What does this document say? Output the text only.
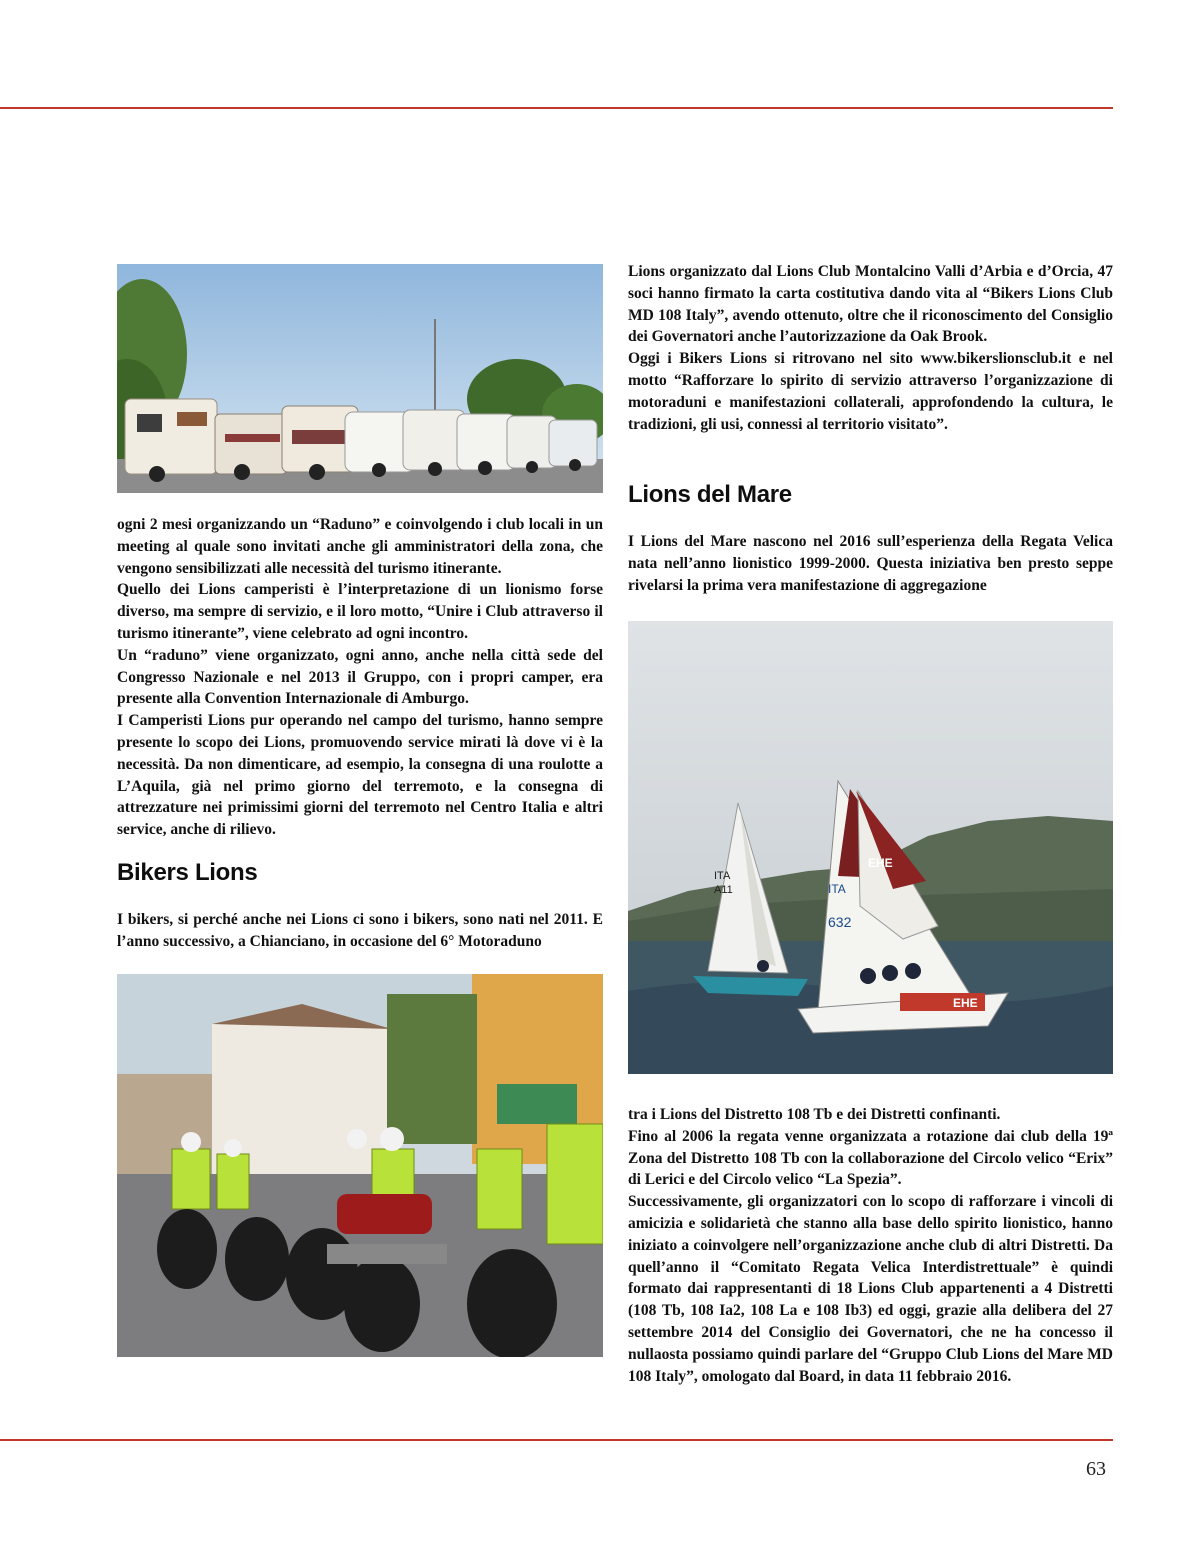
ogni 2 mesi organizzando un “Raduno” e coinvolgendo i club locali in un meeting al quale sono invitati anche gli amministratori della zona, che vengono sensibilizzati alle necessità del turismo itinerante.

Quello dei Lions camperisti è l’interpretazione di un lionismo forse diverso, ma sempre di servizio, e il loro motto, “Unire i Club attraverso il turismo itinerante”, viene celebrato ad ogni incontro.

Un “raduno” viene organizzato, ogni anno, anche nella città sede del Congresso Nazionale e nel 2013 il Gruppo, con i propri camper, era presente alla Convention Internazionale di Amburgo.

I Camperisti Lions pur operando nel campo del turismo, hanno sempre presente lo scopo dei Lions, promuovendo service mirati là dove vi è la necessità. Da non dimenticare, ad esempio, la consegna di una roulotte a L’Aquila, già nel primo giorno del terremoto, e la consegna di attrezzature nei primissimi giorni del terremoto nel Centro Italia e altri service, anche di rilievo.

Bikers Lions

I bikers, si perché anche nei Lions ci sono i bikers, sono nati nel 2011. E l’anno successivo, a Chianciano, in occasione del 6° Motoraduno

Lions organizzato dal Lions Club Montalcino Valli d’Arbia e d’Orcia, 47 soci hanno firmato la carta costitutiva dando vita al “Bikers Lions Club MD 108 Italy”, avendo ottenuto, oltre che il riconoscimento del Consiglio dei Governatori anche l’autorizzazione da Oak Brook.

Oggi i Bikers Lions si ritrovano nel sito www.bikerslionsclub.it e nel motto “Rafforzare lo spirito di servizio attraverso l’organizzazione di motoraduni e manifestazioni collaterali, approfondendo la cultura, le tradizioni, gli usi, connessi al territorio visitato”.

Lions del Mare

I Lions del Mare nascono nel 2016 sull’esperienza della Regata Velica nata nell’anno lionistico 1999-2000. Questa iniziativa ben presto seppe rivelarsi la prima vera manifestazione di aggregazione

EHE
ITA
A11	ITA
632
EHE

tra i Lions del Distretto 108 Tb e dei Distretti confinanti.

Fino al 2006 la regata venne organizzata a rotazione dai club della 19ª Zona del Distretto 108 Tb con la collaborazione del Circolo velico “Erix” di Lerici e del Circolo velico “La Spezia”.

Successivamente, gli organizzatori con lo scopo di rafforzare i vincoli di amicizia e solidarietà che stanno alla base dello spirito lionistico, hanno iniziato a coinvolgere nell’organizzazione anche club di altri Distretti. Da quell’anno il “Comitato Regata Velica Interdistrettuale” è quindi formato dai rappresentanti di 18 Lions Club appartenenti a 4 Distretti (108 Tb, 108 Ia2, 108 La e 108 Ib3) ed oggi, grazie alla delibera del 27 settembre 2014 del Consiglio dei Governatori, che ne ha concesso il nullaosta possiamo quindi parlare del “Gruppo Club Lions del Mare MD 108 Italy”, omologato dal Board, in data 11 febbraio 2016.

63
